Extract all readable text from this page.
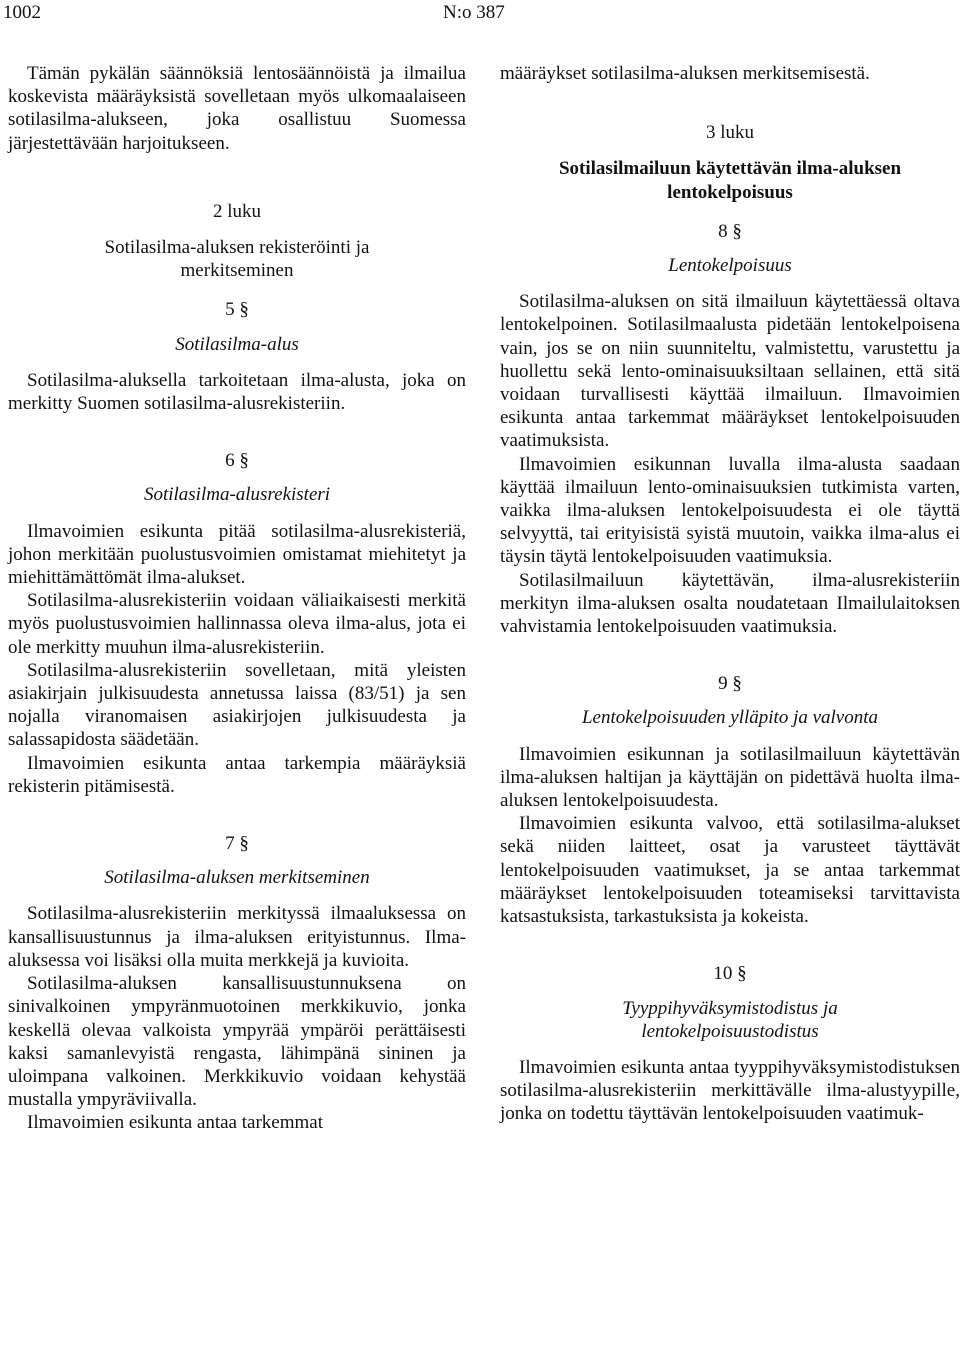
1002	N:o 387

Tämän pykälän säännöksiä lentosäännöistä ja ilmailua koskevista määräyksistä sovelletaan myös ulkomaalaiseen sotilasilma-alukseen, joka osallistuu Suomessa järjestettävään harjoitukseen.

2 luku

Sotilasilma-aluksen rekisteröinti ja merkitseminen

5 §

Sotilasilma-alus

Sotilasilma-aluksella tarkoitetaan ilma-alusta, joka on merkitty Suomen sotilasilma-alusrekisteriin.

6 §

Sotilasilma-alusrekisteri

Ilmavoimien esikunta pitää sotilasilma-alusrekisteriä, johon merkitään puolustusvoimien omistamat miehitetyt ja miehittämättömät ilma-alukset.

Sotilasilma-alusrekisteriin voidaan väliaikaisesti merkitä myös puolustusvoimien hallinnassa oleva ilma-alus, jota ei ole merkitty muuhun ilma-alusrekisteriin.

Sotilasilma-alusrekisteriin sovelletaan, mitä yleisten asiakirjain julkisuudesta annetussa laissa (83/51) ja sen nojalla viranomaisen asiakirjojen julkisuudesta ja salassapidosta säädetään.

Ilmavoimien esikunta antaa tarkempia määräyksiä rekisterin pitämisestä.

7 §

Sotilasilma-aluksen merkitseminen

Sotilasilma-alusrekisteriin merkityssä ilmaaluksessa on kansallisuustunnus ja ilma-aluksen erityistunnus. Ilma-aluksessa voi lisäksi olla muita merkkejä ja kuvioita.

Sotilasilma-aluksen kansallisuustunnuksena on sinivalkoinen ympyränmuotoinen merkkikuvio, jonka keskellä olevaa valkoista ympyrää ympäröi perättäisesti kaksi samanlevyistä rengasta, lähimpänä sininen ja uloimpana valkoinen. Merkkikuvio voidaan kehystää mustalla ympyräviivalla.

Ilmavoimien esikunta antaa tarkemmat

määräykset sotilasilma-aluksen merkitsemisestä.

3 luku

Sotilasilmailuun käytettävän ilma-aluksen lentokelpoisuus

8 §

Lentokelpoisuus

Sotilasilma-aluksen on sitä ilmailuun käytettäessä oltava lentokelpoinen. Sotilasilmaalusta pidetään lentokelpoisena vain, jos se on niin suunniteltu, valmistettu, varustettu ja huollettu sekä lento-ominaisuuksiltaan sellainen, että sitä voidaan turvallisesti käyttää ilmailuun. Ilmavoimien esikunta antaa tarkemmat määräykset lentokelpoisuuden vaatimuksista.

Ilmavoimien esikunnan luvalla ilma-alusta saadaan käyttää ilmailuun lento-ominaisuuksien tutkimista varten, vaikka ilma-aluksen lentokelpoisuudesta ei ole täyttä selvyyttä, tai erityisistä syistä muutoin, vaikka ilma-alus ei täysin täytä lentokelpoisuuden vaatimuksia.

Sotilasilmailuun käytettävän, ilma-alusrekisteriin merkityn ilma-aluksen osalta noudatetaan Ilmailulaitoksen vahvistamia lentokelpoisuuden vaatimuksia.

9 §

Lentokelpoisuuden ylläpito ja valvonta

Ilmavoimien esikunnan ja sotilasilmailuun käytettävän ilma-aluksen haltijan ja käyttäjän on pidettävä huolta ilma-aluksen lentokelpoisuudesta.

Ilmavoimien esikunta valvoo, että sotilasilma-alukset sekä niiden laitteet, osat ja varusteet täyttävät lentokelpoisuuden vaatimukset, ja se antaa tarkemmat määräykset lentokelpoisuuden toteamiseksi tarvittavista katsastuksista, tarkastuksista ja kokeista.

10 §

Tyyppihyväksymistodistus ja lentokelpoisuustodistus

Ilmavoimien esikunta antaa tyyppihyväksymistodistuksen sotilasilma-alusrekisteriin merkittävälle ilma-alustyypille, jonka on todettu täyttävän lentokelpoisuuden vaatimuk-
